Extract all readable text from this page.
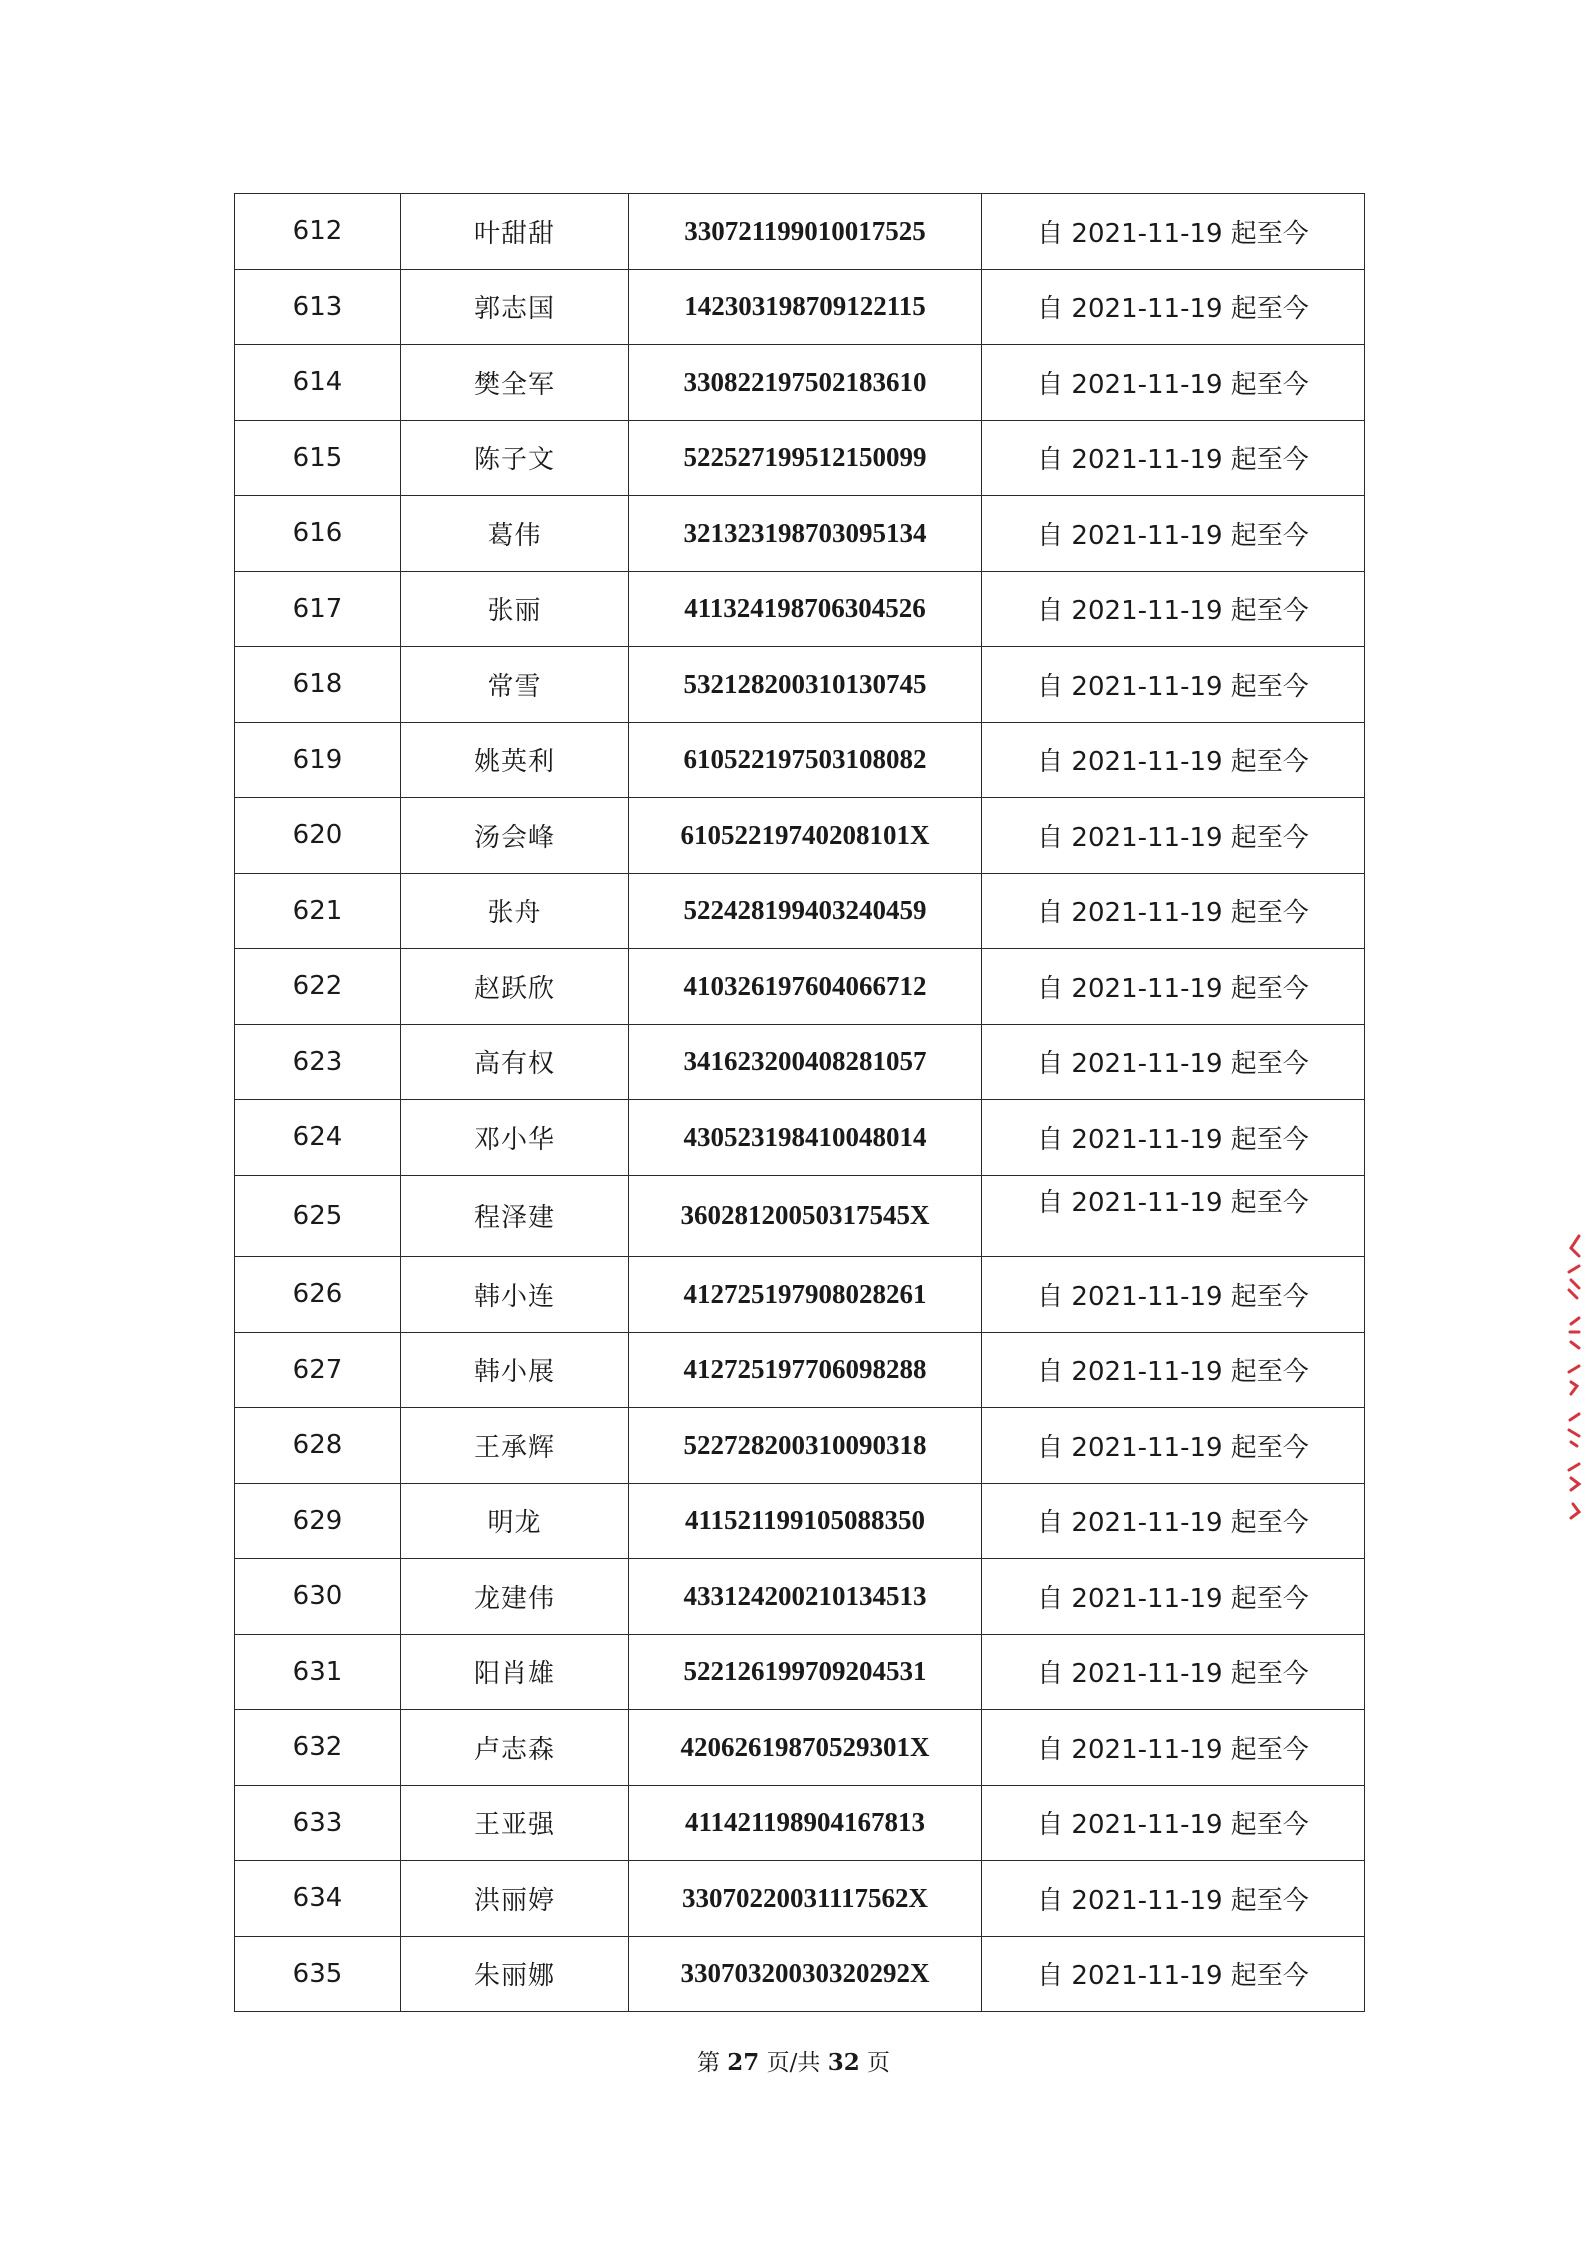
612	叶甜甜	330721199010017525	自 2021-11-19 起至今
613	郭志国	142303198709122115	自 2021-11-19 起至今
614	樊全军	330822197502183610	自 2021-11-19 起至今
615	陈子文	522527199512150099	自 2021-11-19 起至今
616	葛伟	321323198703095134	自 2021-11-19 起至今
617	张丽	411324198706304526	自 2021-11-19 起至今
618	常雪	532128200310130745	自 2021-11-19 起至今
619	姚英利	610522197503108082	自 2021-11-19 起至今
620	汤会峰	61052219740208101X	自 2021-11-19 起至今
621	张舟	522428199403240459	自 2021-11-19 起至今
622	赵跃欣	410326197604066712	自 2021-11-19 起至今
623	高有权	341623200408281057	自 2021-11-19 起至今
624	邓小华	430523198410048014	自 2021-11-19 起至今
625	程泽建	36028120050317545X	自 2021-11-19 起至今
626	韩小连	412725197908028261	自 2021-11-19 起至今
627	韩小展	412725197706098288	自 2021-11-19 起至今
628	王承辉	522728200310090318	自 2021-11-19 起至今
629	明龙	411521199105088350	自 2021-11-19 起至今
630	龙建伟	433124200210134513	自 2021-11-19 起至今
631	阳肖雄	522126199709204531	自 2021-11-19 起至今
632	卢志森	42062619870529301X	自 2021-11-19 起至今
633	王亚强	411421198904167813	自 2021-11-19 起至今
634	洪丽婷	33070220031117562X	自 2021-11-19 起至今
635	朱丽娜	33070320030320292X	自 2021-11-19 起至今
第 27 页/共 32 页
